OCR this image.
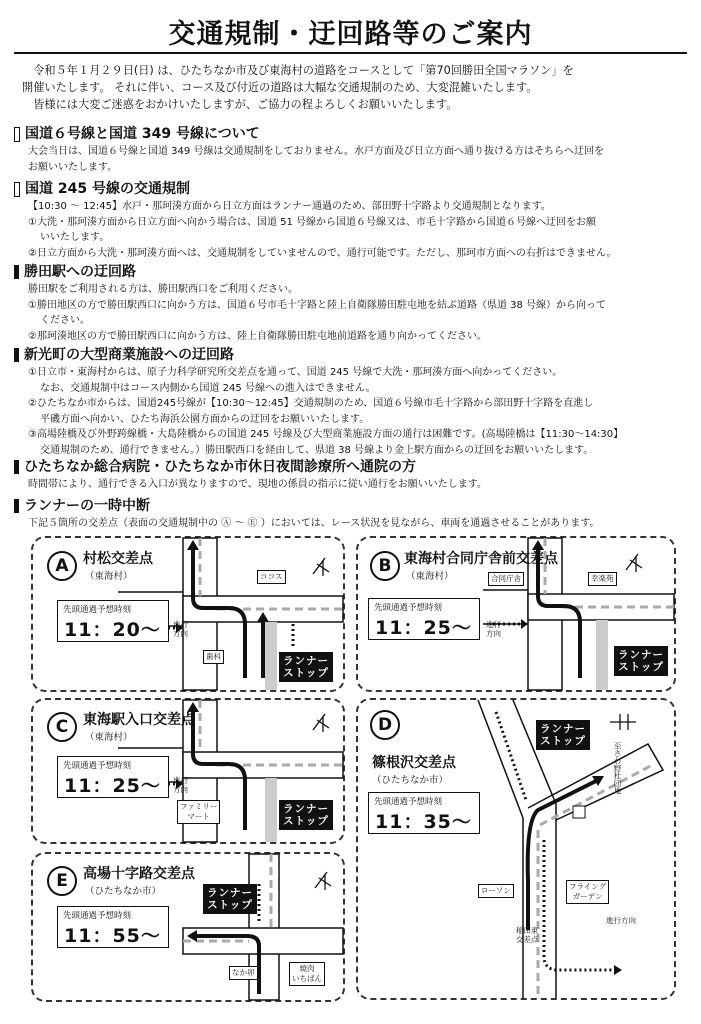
交通規制・迂回路等のご案内

令和５年１月２９日(日) は、ひたちなか市及び東海村の道路をコースとして「第70回勝田全国マラソン」を

開催いたします。 それに伴い、コース及び付近の道路は大幅な交通規制のため、大変混雑いたします。

皆様には大変ご迷惑をおかけいたしますが、ご協力の程よろしくお願いいたします。

国道６号線と国道 349 号線について
大会当日は、国道６号線と国道 349 号線は交通規制をしておりません。水戸方面及び日立方面へ通り抜ける方はそちらへ迂回を
お願いいたします。
国道 245 号線の交通規制
【10:30 ～ 12:45】水戸・那珂湊方面から日立方面はランナー通過のため、部田野十字路より交通規制となります。
①大洗・那珂湊方面から日立方面へ向かう場合は、国道 51 号線から国道６号線又は、市毛十字路から国道６号線へ迂回をお願
いいたします。
②日立方面から大洗・那珂湊方面へは、交通規制をしていませんので、通行可能です。ただし、那珂市方面への右折はできません。
勝田駅への迂回路
勝田駅をご利用される方は、勝田駅西口をご利用ください。
①勝田地区の方で勝田駅西口に向かう方は、国道６号市毛十字路と陸上自衛隊勝田駐屯地を結ぶ道路（県道 38 号線）から向って
ください。
②那珂湊地区の方で勝田駅西口に向かう方は、陸上自衛隊勝田駐屯地前道路を通り向かってください。
新光町の大型商業施設への迂回路
①日立市・東海村からは、原子力科学研究所交差点を通って、国道 245 号線で大洗・那珂湊方面へ向かってください。
なお、交通規制中はコース内側から国道 245 号線への進入はできません。
②ひたちなか市からは、国道245号線が【10:30～12:45】交通規制のため、国道６号線市毛十字路から部田野十字路を直進し
平磯方面へ向かい、ひたち海浜公園方面からの迂回をお願いいたします。
③高場陸橋及び外野跨線橋・大島陸橋からの国道 245 号線及び大型商業施設方面の通行は困難です。(高場陸橋は【11:30～14:30】
交通規制のため、通行できません。）勝田駅西口を経由して、県道 38 号線より金上駅方面からの迂回をお願いいたします。
ひたちなか総合病院・ひたちなか市休日夜間診療所へ通院の方
時間帯により、通行できる入口が異なりますので、現地の係員の指示に従い通行をお願いいたします。
ランナーの一時中断
下記５箇所の交差点（表面の交通規制中の Ⓐ ～ Ⓔ ）においては、レース状況を見ながら、車両を通過させることがあります。
A	村松交差点
（東海村）
先頭通過予想時刻
11：20～
ココス
歯科
進行
方向
ランナー
ストップ
B 東海村合同庁舎前交差点
（東海村）
先頭通過予想時刻
11：25～
合同庁舎	幸楽苑
進行
方向
ランナー
ストップ
C	東海駅入口交差点
（東海村）
先頭通過予想時刻
11：25～
ファミリー
マート
進行
方向
ランナー
ストップ
D
篠根沢交差点
（ひたちなか市）
先頭通過予想時刻
11：35～
ランナー
ストップ
至さわ野杜団地
ローソン	フライング
ガーデン
稲田東
交差点
進行方向
E	高場十字路交差点
（ひたちなか市）
先頭通過予想時刻
11：55～
ランナー
ストップ
なか卯	焼肉
いちばん
